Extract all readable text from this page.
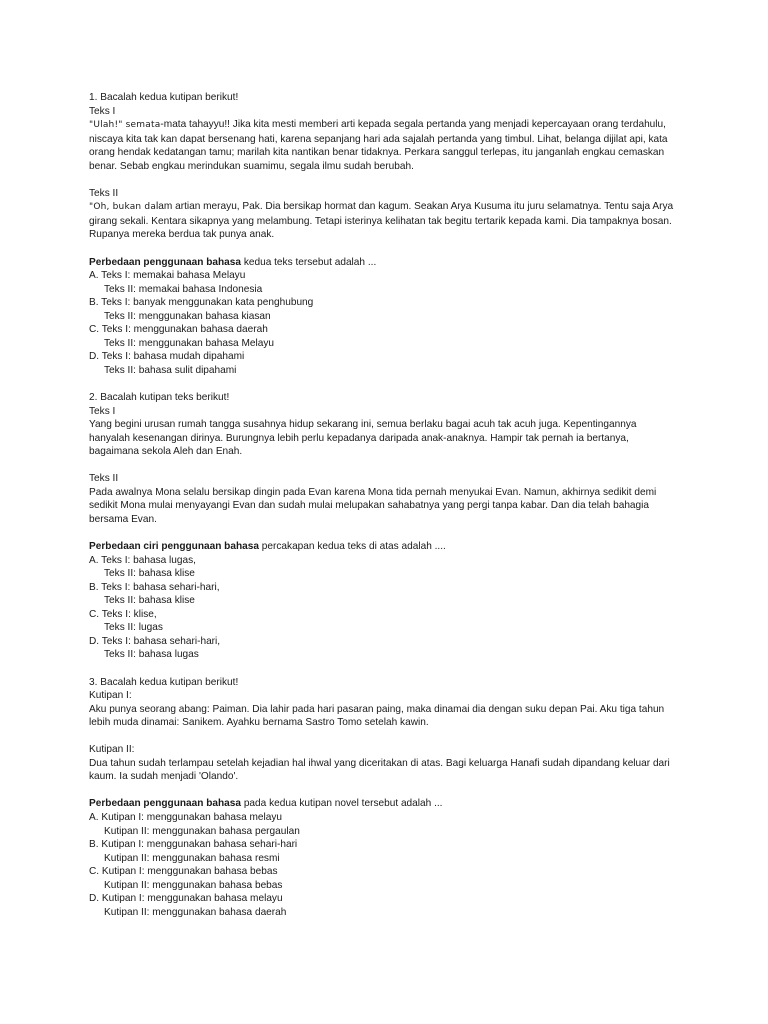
1. Bacalah kedua kutipan berikut!
Teks I
"Ulah!" semata-mata tahayyu!! Jika kita mesti memberi arti kepada segala pertanda yang menjadi kepercayaan orang terdahulu,
niscaya kita tak kan dapat bersenang hati, karena sepanjang hari ada sajalah pertanda yang timbul. Lihat, belanga dijilat api, kata
orang hendak kedatangan tamu; marilah kita nantikan benar tidaknya. Perkara sanggul terlepas, itu janganlah engkau cemaskan
benar. Sebab engkau merindukan suamimu, segala ilmu sudah berubah.
Teks II
"Oh, bukan dalam artian merayu, Pak. Dia bersikap hormat dan kagum. Seakan Arya Kusuma itu juru selamatnya. Tentu saja Arya
girang sekali. Kentara sikapnya yang melambung. Tetapi isterinya kelihatan tak begitu tertarik kepada kami. Dia tampaknya bosan.
Rupanya mereka berdua tak punya anak.
Perbedaan penggunaan bahasa kedua teks tersebut adalah ...
A. Teks I: memakai bahasa Melayu
Teks II: memakai bahasa Indonesia
B. Teks I: banyak menggunakan kata penghubung
Teks II: menggunakan bahasa kiasan
C. Teks I: menggunakan bahasa daerah
Teks II: menggunakan bahasa Melayu
D. Teks I: bahasa mudah dipahami
Teks II: bahasa sulit dipahami
2. Bacalah kutipan teks berikut!
Teks I
Yang begini urusan rumah tangga susahnya hidup sekarang ini, semua berlaku bagai acuh tak acuh juga. Kepentingannya
hanyalah kesenangan dirinya. Burungnya lebih perlu kepadanya daripada anak-anaknya. Hampir tak pernah ia bertanya,
bagaimana sekola Aleh dan Enah.
Teks II
Pada awalnya Mona selalu bersikap dingin pada Evan karena Mona tida pernah menyukai Evan. Namun, akhirnya sedikit demi
sedikit Mona mulai menyayangi Evan dan sudah mulai melupakan sahabatnya yang pergi tanpa kabar. Dan dia telah bahagia
bersama Evan.
Perbedaan ciri penggunaan bahasa percakapan kedua teks di atas adalah ....
A. Teks I: bahasa lugas,
Teks II: bahasa klise
B. Teks I: bahasa sehari-hari,
Teks II: bahasa klise
C. Teks I: klise,
Teks II: lugas
D. Teks I: bahasa sehari-hari,
Teks II: bahasa lugas
3. Bacalah kedua kutipan berikut!
Kutipan I:
Aku punya seorang abang: Paiman. Dia lahir pada hari pasaran paing, maka dinamai dia dengan suku depan Pai. Aku tiga tahun
lebih muda dinamai: Sanikem. Ayahku bernama Sastro Tomo setelah kawin.
Kutipan II:
Dua tahun sudah terlampau setelah kejadian hal ihwal yang diceritakan di atas. Bagi keluarga Hanafi sudah dipandang keluar dari
kaum. Ia sudah menjadi 'Olando'.
Perbedaan penggunaan bahasa pada kedua kutipan novel tersebut adalah ...
A. Kutipan I: menggunakan bahasa melayu
Kutipan II: menggunakan bahasa pergaulan
B. Kutipan I: menggunakan bahasa sehari-hari
Kutipan II: menggunakan bahasa resmi
C. Kutipan I: menggunakan bahasa bebas
Kutipan II: menggunakan bahasa bebas
D. Kutipan I: menggunakan bahasa melayu
Kutipan II: menggunakan bahasa daerah
